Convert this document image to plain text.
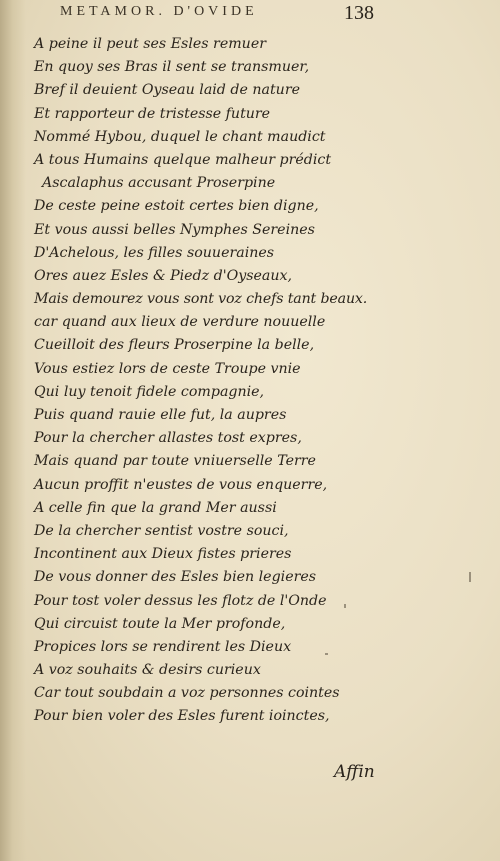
METAMOR. D'OVIDE	138
A peine il peut ses Esles remuer
En quoy ses Bras il sent se transmuer,
Bref il deuient Oyseau laid de nature
Et rapporteur de tristesse future
Nommé Hybou, duquel le chant maudict
A tous Humains quelque malheur prédict
Ascalaphus accusant Proserpine
De ceste peine estoit certes bien digne,
Et vous aussi belles Nymphes Sereines
D'Achelous, les filles souueraines
Ores auez Esles & Piedz d'Oyseaux,
Mais demourez vous sont voz chefs tant beaux.
car quand aux lieux de verdure nouuelle
Cueilloit des fleurs Proserpine la belle,
Vous estiez lors de ceste Troupe vnie
Qui luy tenoit fidele compagnie,
Puis quand rauie elle fut, la aupres
Pour la chercher allastes tost expres,
Mais quand par toute vniuerselle Terre
Aucun proffit n'eustes de vous enquerre,
A celle fin que la grand Mer aussi
De la chercher sentist vostre souci,
Incontinent aux Dieux fistes prieres
De vous donner des Esles bien legieres
Pour tost voler dessus les flotz de l'Onde
Qui circuist toute la Mer profonde,
Propices lors se rendirent les Dieux
A voz souhaits & desirs curieux
Car tout soubdain a voz personnes cointes
Pour bien voler des Esles furent ioinctes,
Affin
